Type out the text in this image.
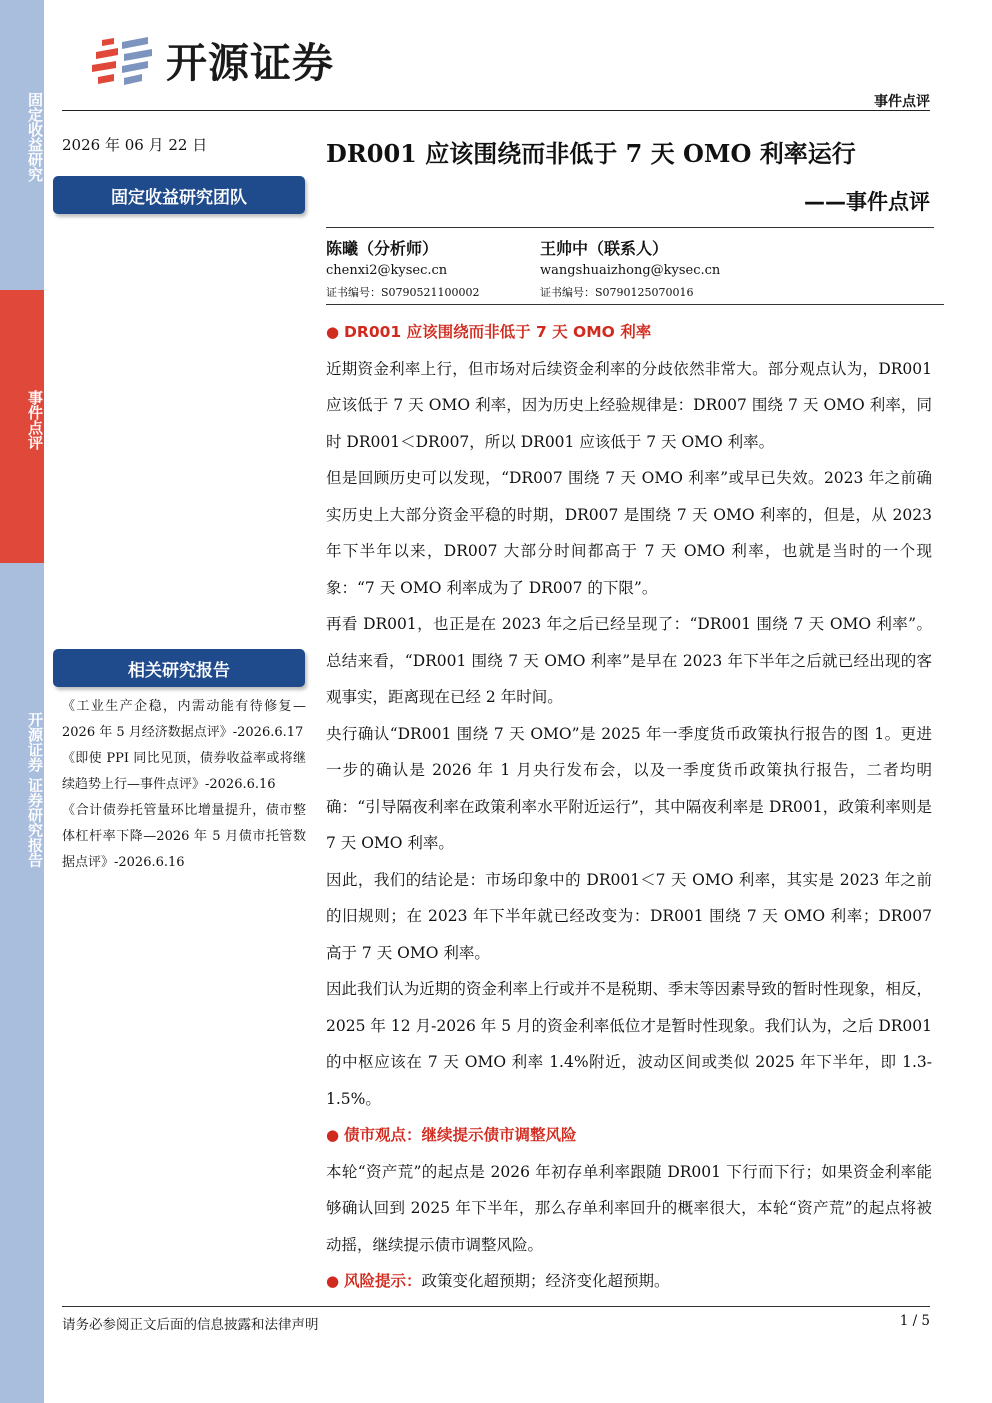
固定收益研究
事件点评
开源证券 证券研究报告
开源证券
事件点评
2026 年 06 月 22 日
固定收益研究团队
相关研究报告

《工业生产企稳，内需动能有待修复—2026 年 5 月经济数据点评》-2026.6.17

《即使 PPI 同比见顶，债券收益率或将继续趋势上行—事件点评》-2026.6.16

《合计债券托管量环比增量提升，债市整体杠杆率下降—2026 年 5 月债市托管数据点评》-2026.6.16

DR001 应该围绕而非低于 7 天 OMO 利率运行
——事件点评
陈曦（分析师）
chenxi2@kysec.cn
证书编号：S0790521100002
王帅中（联系人）
wangshuaizhong@kysec.cn
证书编号：S0790125070016

● DR001 应该围绕而非低于 7 天 OMO 利率

近期资金利率上行，但市场对后续资金利率的分歧依然非常大。部分观点认为，DR001 应该低于 7 天 OMO 利率，因为历史上经验规律是：DR007 围绕 7 天 OMO 利率，同时 DR001＜DR007，所以 DR001 应该低于 7 天 OMO 利率。

但是回顾历史可以发现，“DR007 围绕 7 天 OMO 利率”或早已失效。2023 年之前确实历史上大部分资金平稳的时期，DR007 是围绕 7 天 OMO 利率的，但是，从 2023 年下半年以来，DR007 大部分时间都高于 7 天 OMO 利率，也就是当时的一个现象：“7 天 OMO 利率成为了 DR007 的下限”。

再看 DR001，也正是在 2023 年之后已经呈现了：“DR001 围绕 7 天 OMO 利率”。总结来看，“DR001 围绕 7 天 OMO 利率”是早在 2023 年下半年之后就已经出现的客观事实，距离现在已经 2 年时间。

央行确认“DR001 围绕 7 天 OMO”是 2025 年一季度货币政策执行报告的图 1。更进一步的确认是 2026 年 1 月央行发布会，以及一季度货币政策执行报告，二者均明确：“引导隔夜利率在政策利率水平附近运行”，其中隔夜利率是 DR001，政策利率则是 7 天 OMO 利率。

因此，我们的结论是：市场印象中的 DR001＜7 天 OMO 利率，其实是 2023 年之前的旧规则；在 2023 年下半年就已经改变为：DR001 围绕 7 天 OMO 利率；DR007 高于 7 天 OMO 利率。

因此我们认为近期的资金利率上行或并不是税期、季末等因素导致的暂时性现象，相反，2025 年 12 月-2026 年 5 月的资金利率低位才是暂时性现象。我们认为，之后 DR001 的中枢应该在 7 天 OMO 利率 1.4%附近，波动区间或类似 2025 年下半年，即 1.3-1.5%。

● 债市观点：继续提示债市调整风险

本轮“资产荒”的起点是 2026 年初存单利率跟随 DR001 下行而下行；如果资金利率能够确认回到 2025 年下半年，那么存单利率回升的概率很大，本轮“资产荒”的起点将被动摇，继续提示债市调整风险。

● 风险提示：政策变化超预期；经济变化超预期。

请务必参阅正文后面的信息披露和法律声明	1 / 5
